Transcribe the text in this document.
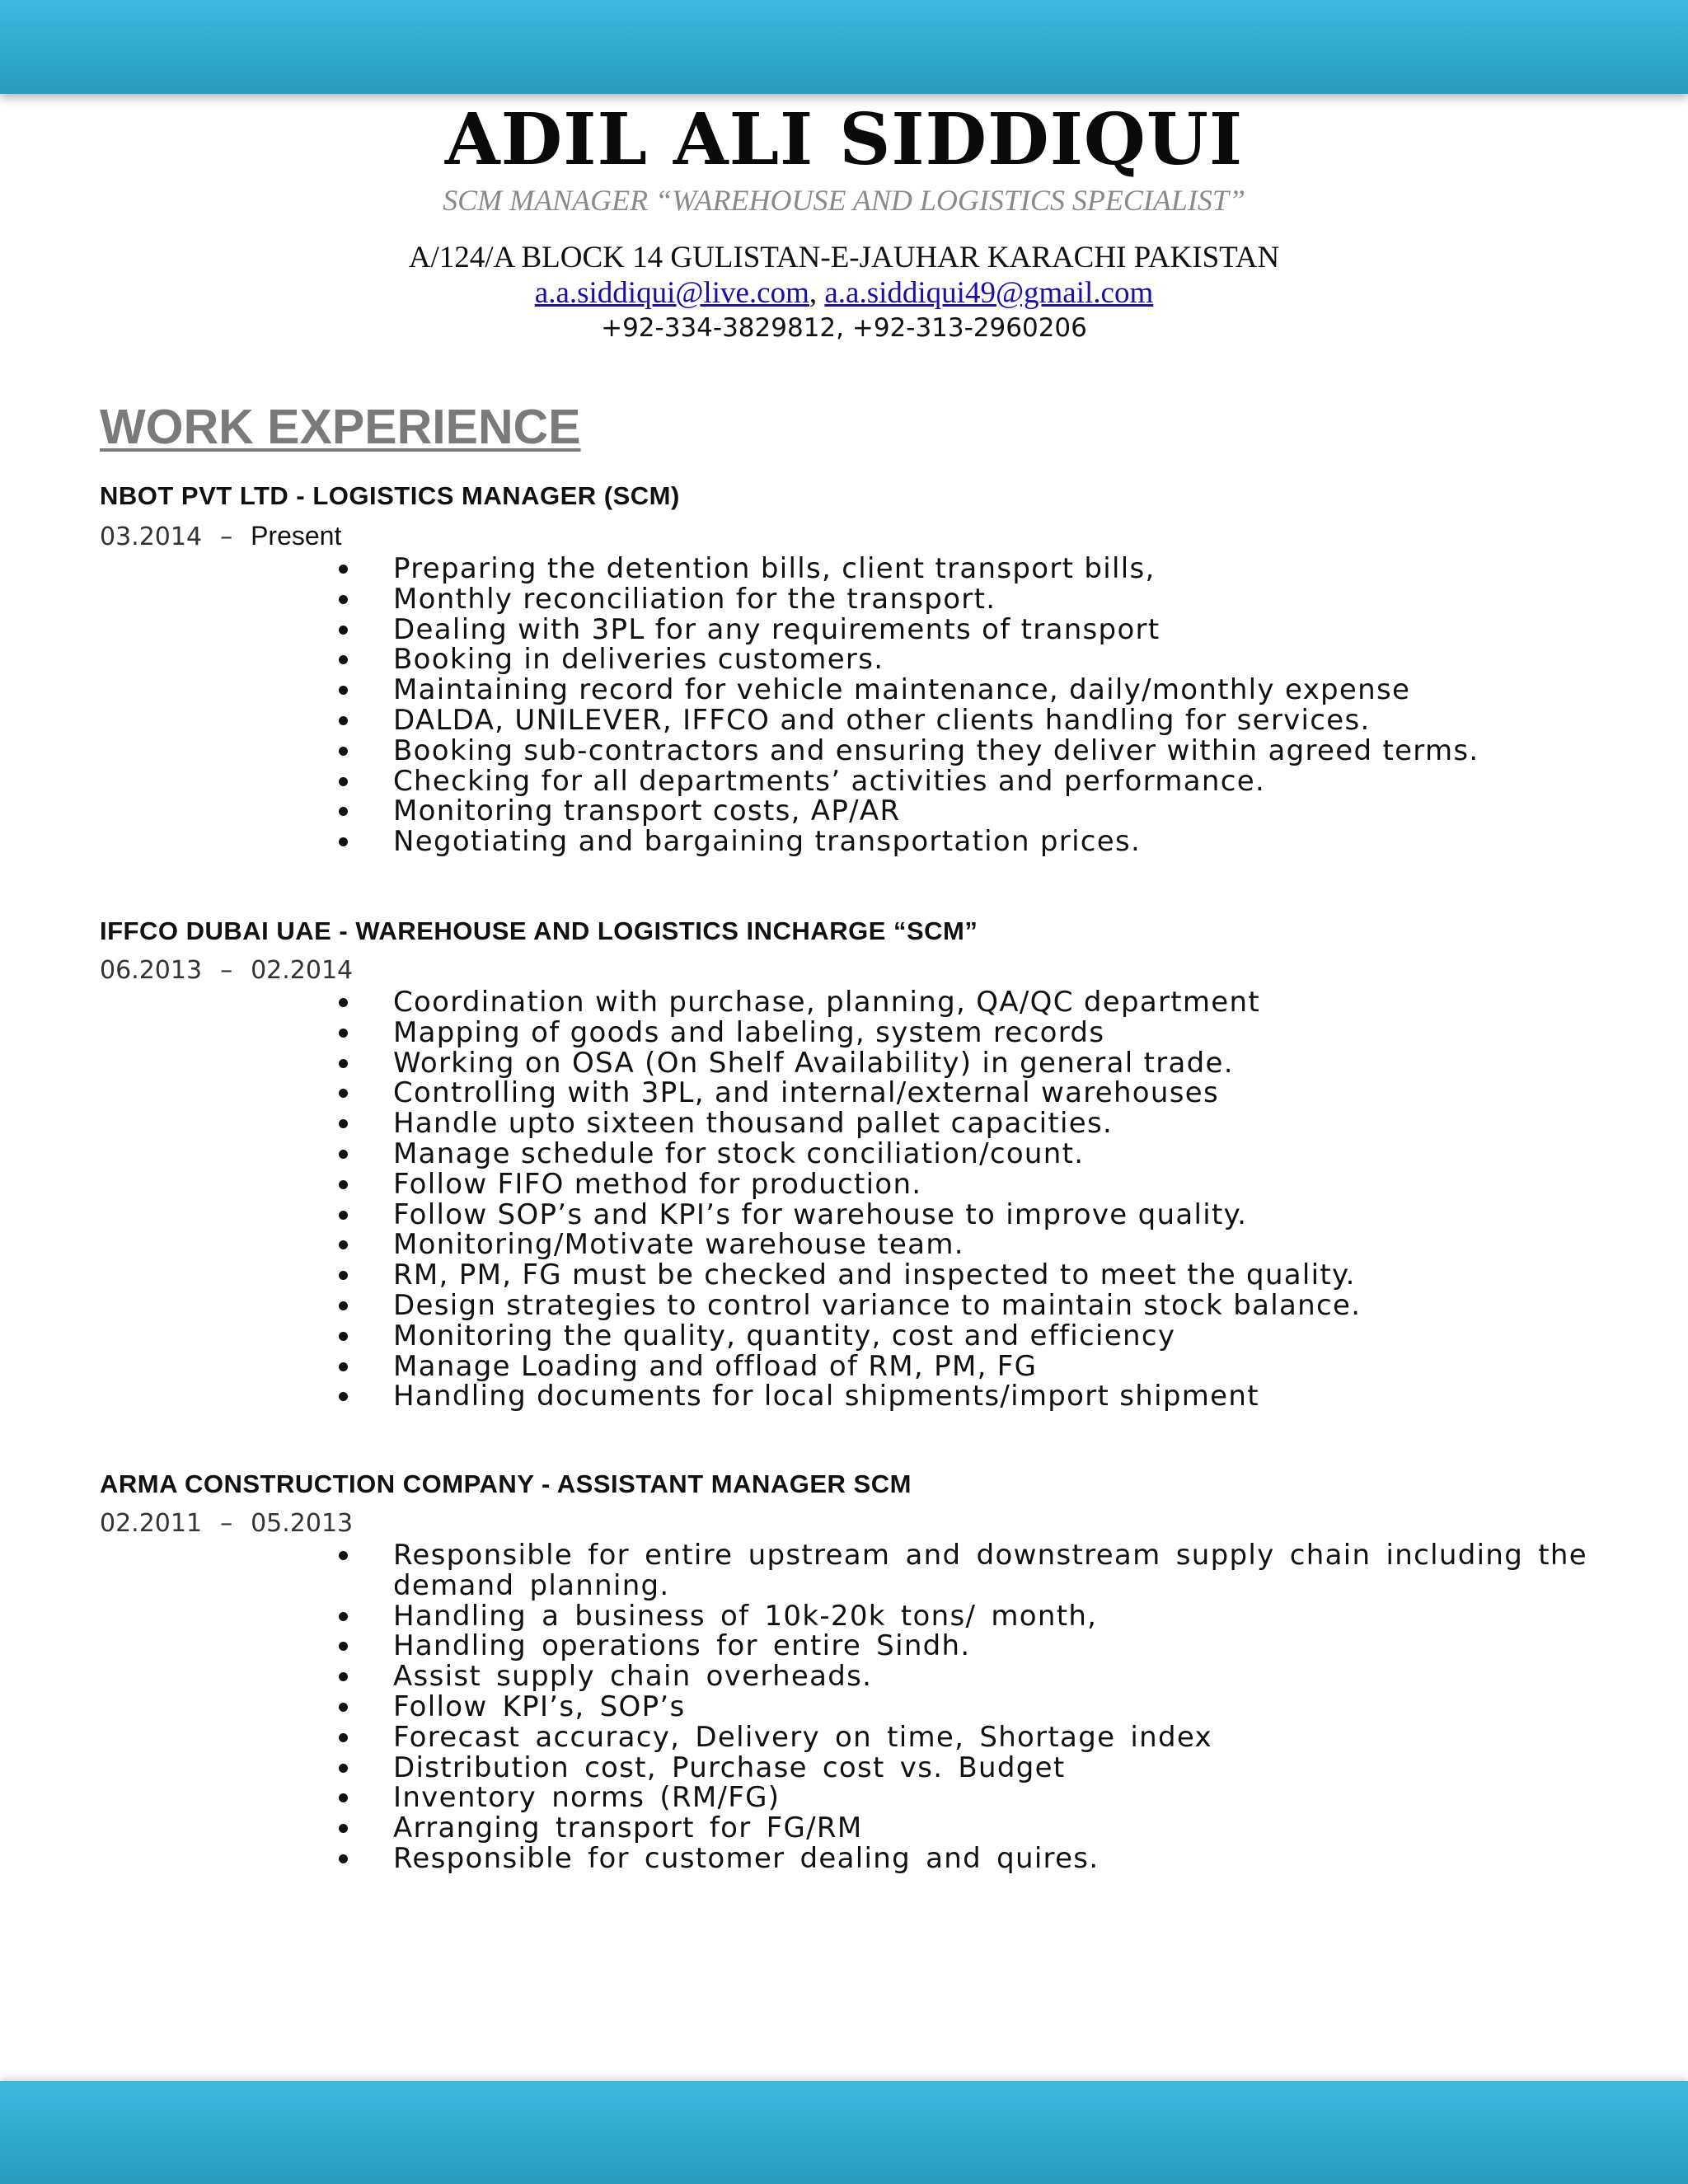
ADIL ALI SIDDIQUI
SCM MANAGER “WAREHOUSE AND LOGISTICS SPECIALIST”
A/124/A BLOCK 14 GULISTAN-E-JAUHAR KARACHI PAKISTAN
a.a.siddiqui@live.com, a.a.siddiqui49@gmail.com
+92-334-3829812, +92-313-2960206
WORK EXPERIENCE
NBOT PVT LTD - LOGISTICS MANAGER (SCM)
03.2014 – Present
Preparing the detention bills, client transport bills,
Monthly reconciliation for the transport.
Dealing with 3PL for any requirements of transport
Booking in deliveries customers.
Maintaining record for vehicle maintenance, daily/monthly expense
DALDA, UNILEVER, IFFCO and other clients handling for services.
Booking sub-contractors and ensuring they deliver within agreed terms.
Checking for all departments’ activities and performance.
Monitoring transport costs, AP/AR
Negotiating and bargaining transportation prices.
IFFCO DUBAI UAE - WAREHOUSE AND LOGISTICS INCHARGE “SCM”
06.2013 – 02.2014
Coordination with purchase, planning, QA/QC department
Mapping of goods and labeling, system records
Working on OSA (On Shelf Availability) in general trade.
Controlling with 3PL, and internal/external warehouses
Handle upto sixteen thousand pallet capacities.
Manage schedule for stock conciliation/count.
Follow FIFO method for production.
Follow SOP’s and KPI’s for warehouse to improve quality.
Monitoring/Motivate warehouse team.
RM, PM, FG must be checked and inspected to meet the quality.
Design strategies to control variance to maintain stock balance.
Monitoring the quality, quantity, cost and efficiency
Manage Loading and offload of RM, PM, FG
Handling documents for local shipments/import shipment
ARMA CONSTRUCTION COMPANY - ASSISTANT MANAGER SCM
02.2011 – 05.2013
Responsible for entire upstream and downstream supply chain including the demand planning.
Handling a business of 10k-20k tons/ month,
Handling operations for entire Sindh.
Assist supply chain overheads.
Follow KPI’s, SOP’s
Forecast accuracy, Delivery on time, Shortage index
Distribution cost, Purchase cost vs. Budget
Inventory norms (RM/FG)
Arranging transport for FG/RM
Responsible for customer dealing and quires.
